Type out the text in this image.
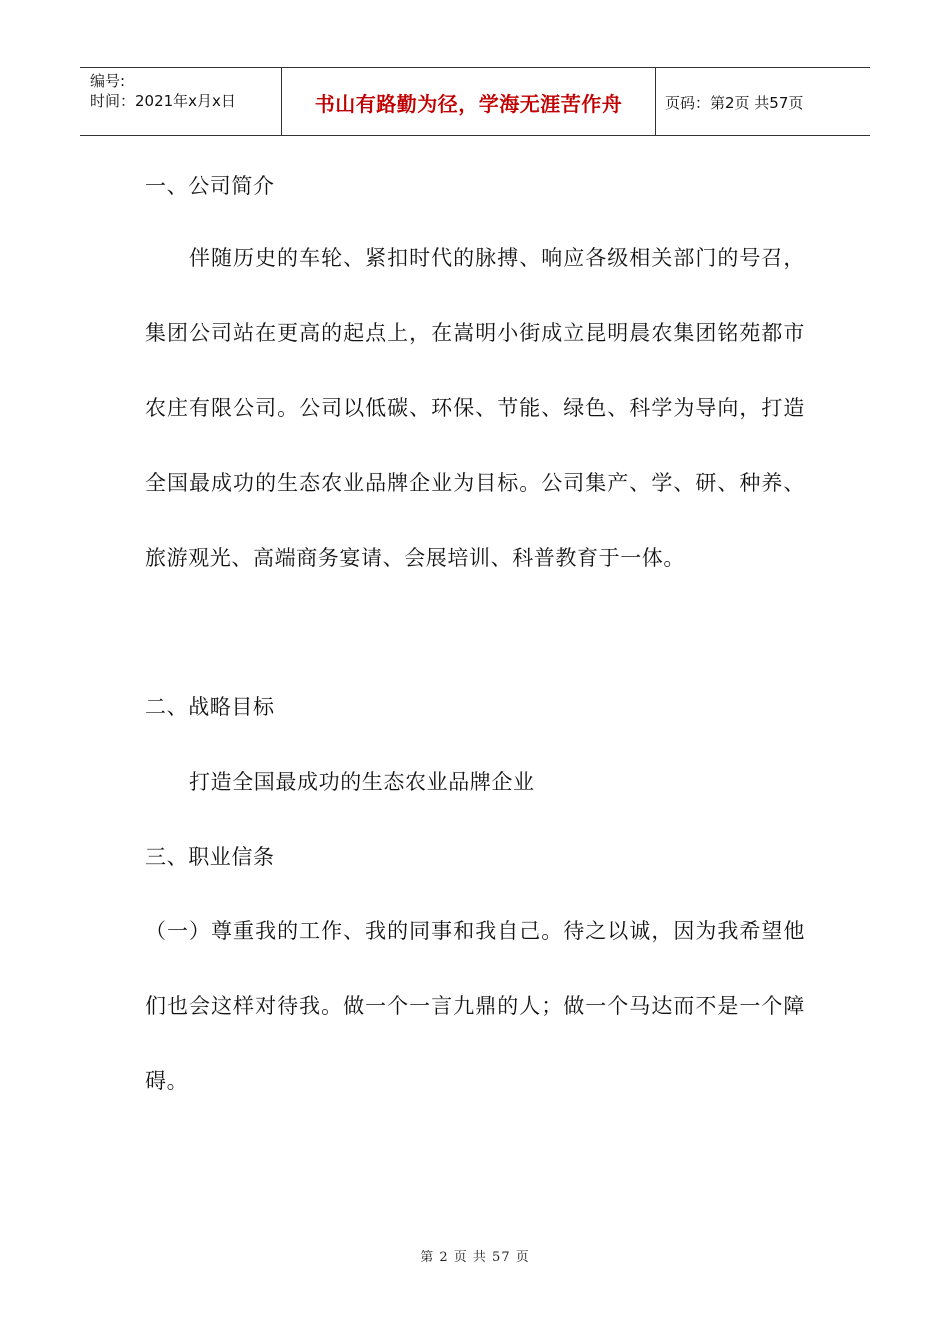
编号:
时间：2021年x月x日	书山有路勤为径，学海无涯苦作舟	页码：第2页 共57页
一、公司简介

伴随历史的车轮、紧扣时代的脉搏、响应各级相关部门的号召，集团公司站在更高的起点上，在嵩明小街成立昆明晨农集团铭苑都市农庄有限公司。公司以低碳、环保、节能、绿色、科学为导向，打造全国最成功的生态农业品牌企业为目标。公司集产、学、研、种养、旅游观光、高端商务宴请、会展培训、科普教育于一体。

二、战略目标
打造全国最成功的生态农业品牌企业
三、职业信条

（一）尊重我的工作、我的同事和我自己。待之以诚，因为我希望他们也会这样对待我。做一个一言九鼎的人；做一个马达而不是一个障碍。

第 2 页 共 57 页
